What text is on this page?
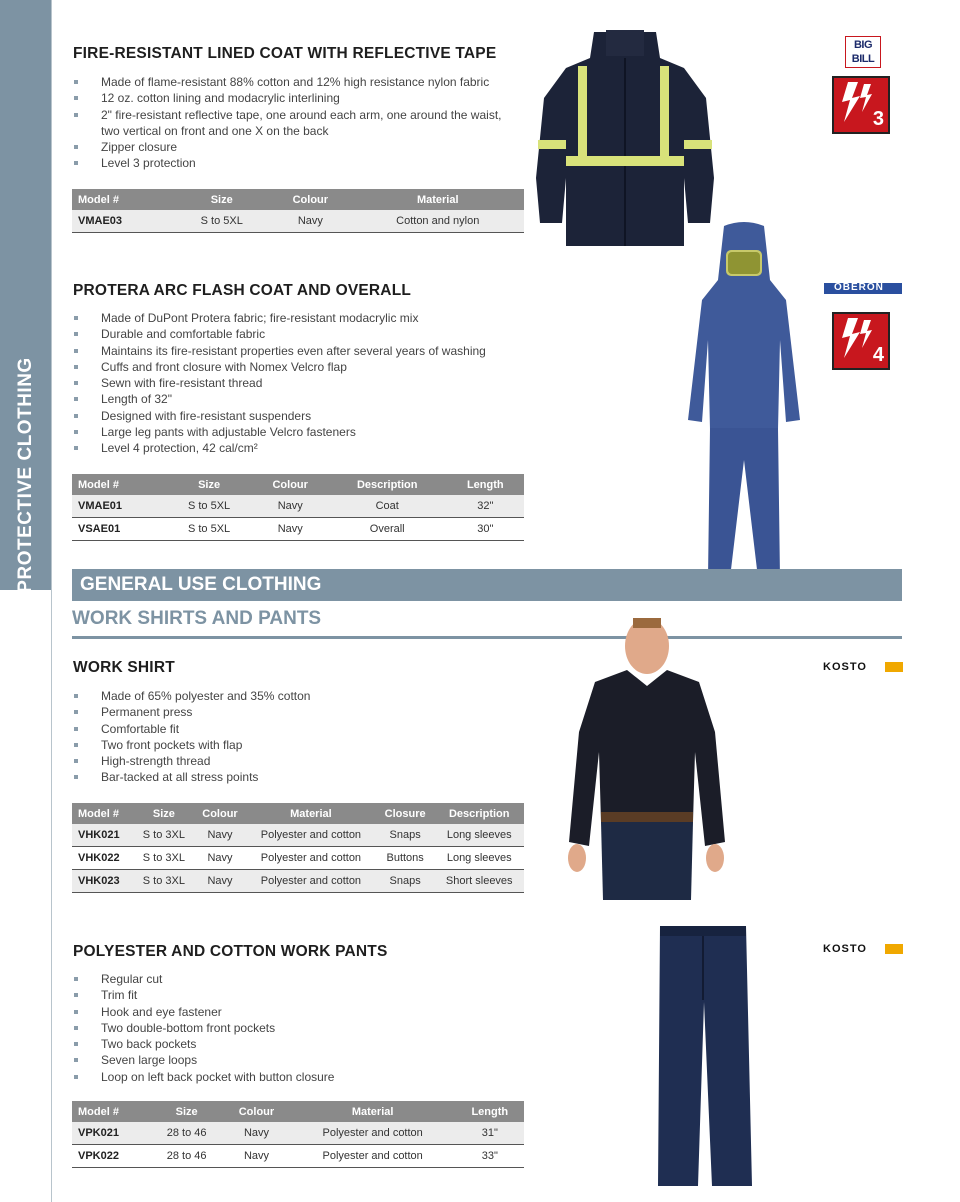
PROTECTIVE CLOTHING
FIRE-RESISTANT LINED COAT WITH REFLECTIVE TAPE
Made of flame-resistant 88% cotton and 12% high resistance nylon fabric
12 oz. cotton lining and modacrylic interlining
2" fire-resistant reflective tape, one around each arm, one around the waist, two vertical on front and one X on the back
Zipper closure
Level 3 protection
Model #	Size	Colour	Material
VMAE03	S to 5XL	Navy	Cotton and nylon
BIG BILL
3
PROTERA ARC FLASH COAT AND OVERALL
Made of DuPont Protera fabric; fire-resistant modacrylic mix
Durable and comfortable fabric
Maintains its fire-resistant properties even after several years of washing
Cuffs and front closure with Nomex Velcro flap
Sewn with fire-resistant thread
Length of 32"
Designed with fire-resistant suspenders
Large leg pants with adjustable Velcro fasteners
Level 4 protection, 42 cal/cm²
Model #	Size	Colour	Description	Length
VMAE01	S to 5XL	Navy	Coat	32"
VSAE01	S to 5XL	Navy	Overall	30"
OBERON
4
GENERAL USE CLOTHING
WORK SHIRTS AND PANTS
WORK SHIRT
Made of 65% polyester and 35% cotton
Permanent press
Comfortable fit
Two front pockets with flap
High-strength thread
Bar-tacked at all stress points
Model #	Size	Colour	Material	Closure	Description
VHK021	S to 3XL	Navy	Polyester and cotton	Snaps	Long sleeves
VHK022	S to 3XL	Navy	Polyester and cotton	Buttons	Long sleeves
VHK023	S to 3XL	Navy	Polyester and cotton	Snaps	Short sleeves
KOSTO
POLYESTER AND COTTON WORK PANTS
Regular cut
Trim fit
Hook and eye fastener
Two double-bottom front pockets
Two back pockets
Seven large loops
Loop on left back pocket with button closure
Model #	Size	Colour	Material	Length
VPK021	28 to 46	Navy	Polyester and cotton	31"
VPK022	28 to 46	Navy	Polyester and cotton	33"
KOSTO
